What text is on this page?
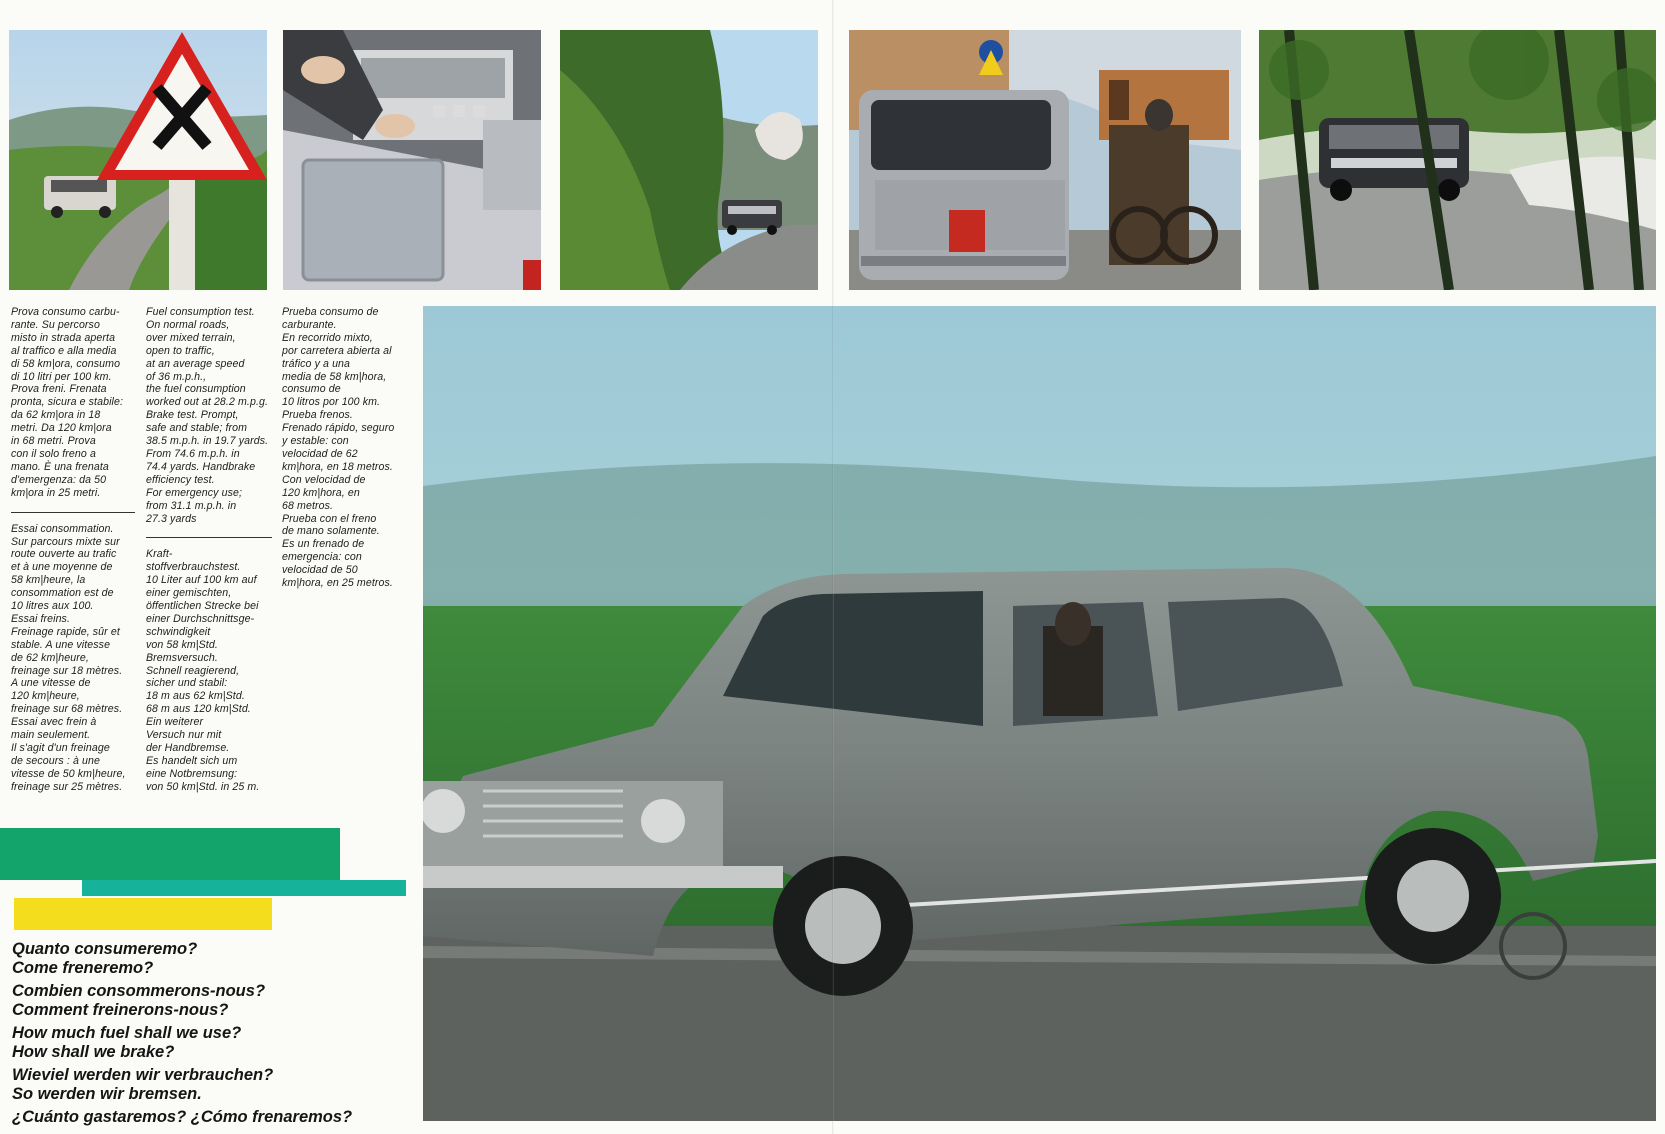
Prova consumo carbu-
rante. Su percorso
misto in strada aperta
al traffico e alla media
di 58 km|ora, consumo
di 10 litri per 100 km.
Prova freni. Frenata
pronta, sicura e stabile:
da 62 km|ora in 18
metri. Da 120 km|ora
in 68 metri. Prova
con il solo freno a
mano. È una frenata
d'emergenza: da 50
km|ora in 25 metri.

Essai consommation.
Sur parcours mixte sur
route ouverte au trafic
et à une moyenne de
58 km|heure, la
consommation est de
10 litres aux 100.
Essai freins.
Freinage rapide, sûr et
stable. A une vitesse
de 62 km|heure,
freinage sur 18 mètres.
A une vitesse de
120 km|heure,
freinage sur 68 mètres.
Essai avec frein à
main seulement.
Il s'agit d'un freinage
de secours : à une
vitesse de 50 km|heure,
freinage sur 25 mètres.

Fuel consumption test.
On normal roads,
over mixed terrain,
open to traffic,
at an average speed
of 36 m.p.h.,
the fuel consumption
worked out at 28.2 m.p.g.
Brake test. Prompt,
safe and stable; from
38.5 m.p.h. in 19.7 yards.
From 74.6 m.p.h. in
74.4 yards. Handbrake
efficiency test.
For emergency use;
from 31.1 m.p.h. in
27.3 yards

Kraft-
stoffverbrauchstest.
10 Liter auf 100 km auf
einer gemischten,
öffentlichen Strecke bei
einer Durchschnittsge-
schwindigkeit
von 58 km|Std.
Bremsversuch.
Schnell reagierend,
sicher und stabil:
18 m aus 62 km|Std.
68 m aus 120 km|Std.
Ein weiterer
Versuch nur mit
der Handbremse.
Es handelt sich um
eine Notbremsung:
von 50 km|Std. in 25 m.

Prueba consumo de
carburante.
En recorrido mixto,
por carretera abierta al
tráfico y a una
media de 58 km|hora,
consumo de
10 litros por 100 km.
Prueba frenos.
Frenado rápido, seguro
y estable: con
velocidad de 62
km|hora, en 18 metros.
Con velocidad de
120 km|hora, en
68 metros.
Prueba con el freno
de mano solamente.
Es un frenado de
emergencia: con
velocidad de 50
km|hora, en 25 metros.

Quanto consumeremo?
Come freneremo?
Combien consommerons-nous?
Comment freinerons-nous?
How much fuel shall we use?
How shall we brake?
Wieviel werden wir verbrauchen?
So werden wir bremsen.
¿Cuánto gastaremos? ¿Cómo frenaremos?
